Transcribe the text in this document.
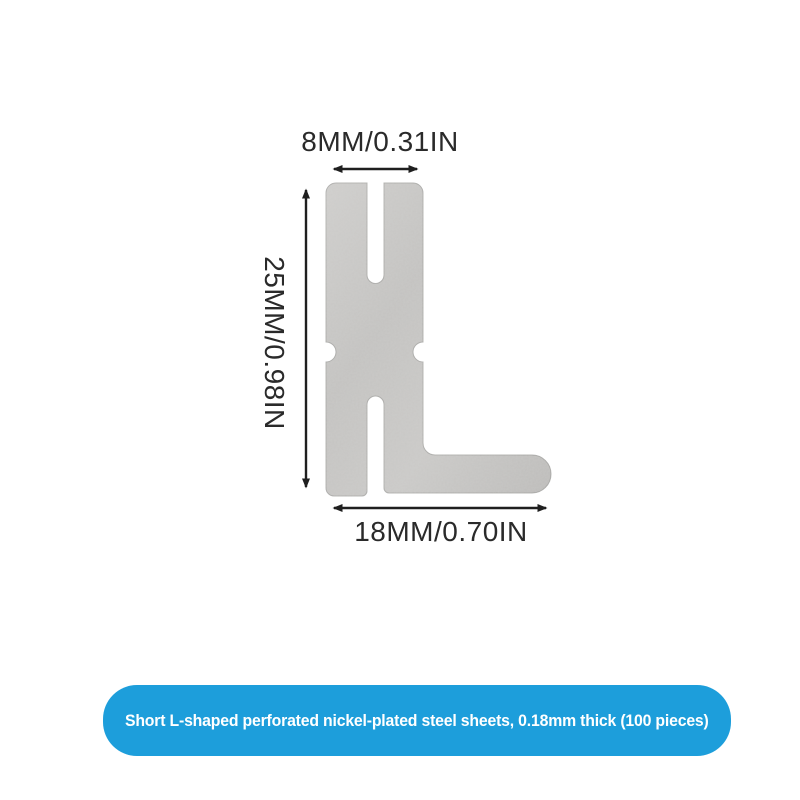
8MM/0.31IN
25MM/0.98IN
18MM/0.70IN
Short L-shaped perforated nickel-plated steel sheets, 0.18mm thick (100 pieces)
